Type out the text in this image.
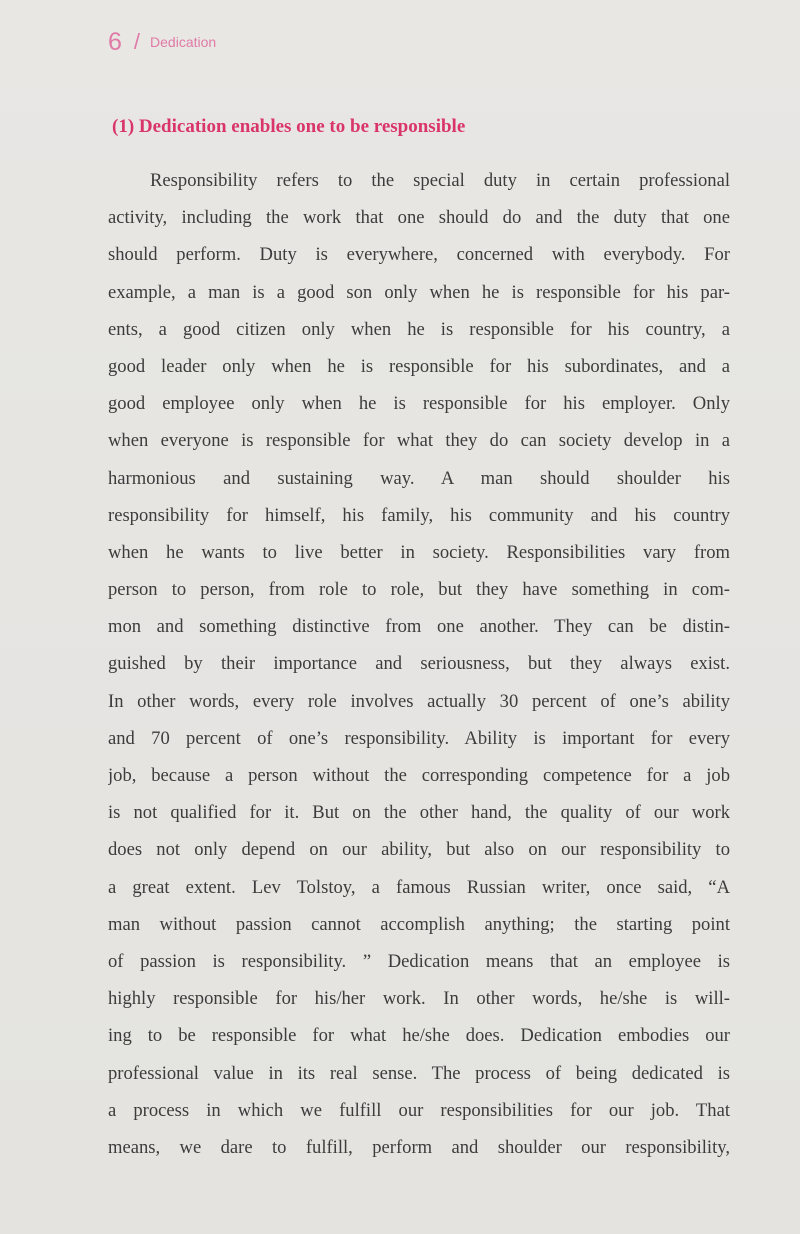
6 / Dedication
(1) Dedication enables one to be responsible
Responsibility refers to the special duty in certain professional
activity, including the work that one should do and the duty that one
should perform. Duty is everywhere, concerned with everybody. For
example, a man is a good son only when he is responsible for his par-
ents, a good citizen only when he is responsible for his country, a
good leader only when he is responsible for his subordinates, and a
good employee only when he is responsible for his employer. Only
when everyone is responsible for what they do can society develop in a
harmonious and sustaining way. A man should shoulder his
responsibility for himself, his family, his community and his country
when he wants to live better in society. Responsibilities vary from
person to person, from role to role, but they have something in com-
mon and something distinctive from one another. They can be distin-
guished by their importance and seriousness, but they always exist.
In other words, every role involves actually 30 percent of one’s ability
and 70 percent of one’s responsibility. Ability is important for every
job, because a person without the corresponding competence for a job
is not qualified for it. But on the other hand, the quality of our work
does not only depend on our ability, but also on our responsibility to
a great extent. Lev Tolstoy, a famous Russian writer, once said, “A
man without passion cannot accomplish anything; the starting point
of passion is responsibility. ” Dedication means that an employee is
highly responsible for his/her work. In other words, he/she is will-
ing to be responsible for what he/she does. Dedication embodies our
professional value in its real sense. The process of being dedicated is
a process in which we fulfill our responsibilities for our job. That
means, we dare to fulfill, perform and shoulder our responsibility,
